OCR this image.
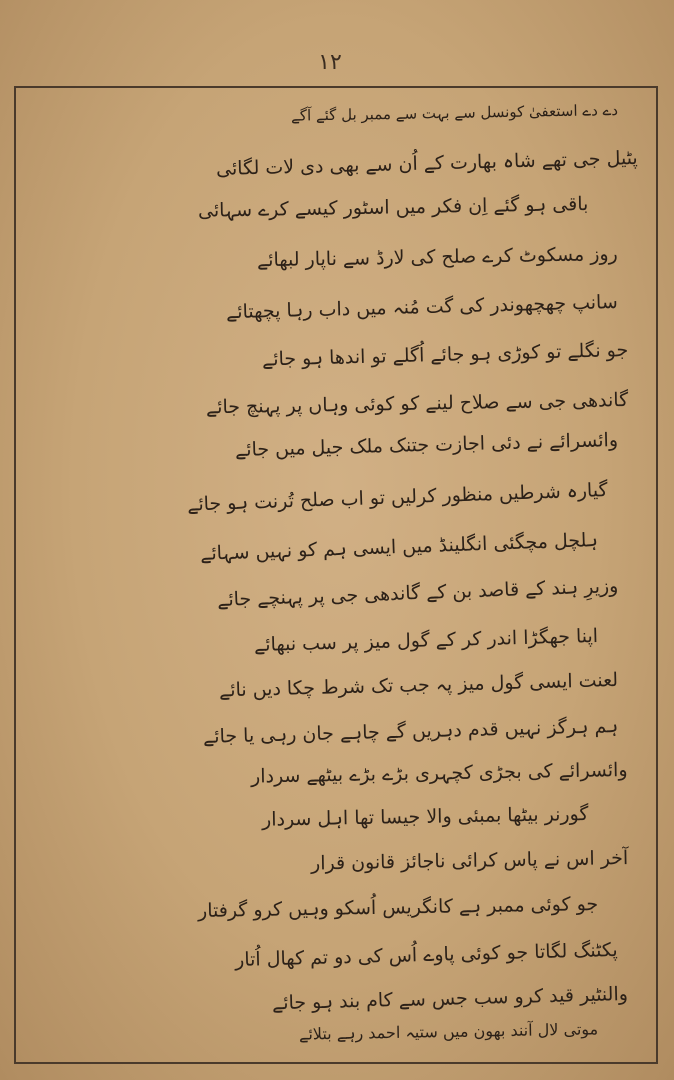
۱۲
دے دے استعفیٰ کونسل سے بہت سے ممبر بل گئے آگے
پٹیل جی تھے شاہ بھارت کے اُن سے بھی دی لات لگائی
باقی ہو گئے اِن فکر میں اسٹور کیسے کرے سہائی
روز مسکوٹ کرے صلح کی لارڈ سے ناپار لبھائے
سانپ چھچھوندر کی گت مُنہ میں داب رہا پچھتائے
جو نگلے تو کوڑی ہو جائے اُگلے تو اندھا ہو جائے
گاندھی جی سے صلاح لینے کو کوئی وہاں پر پہنچ جائے
وائسرائے نے دئی اجازت جتنک ملک جیل میں جائے
گیارہ شرطیں منظور کرلیں تو اب صلح تُرنت ہو جائے
ہلچل مچگئی انگلینڈ میں ایسی ہم کو نہیں سہائے
وزیرِ ہند کے قاصد بن کے گاندھی جی پر پہنچے جائے
اپنا جھگڑا اندر کر کے گول میز پر سب نبھائے
لعنت ایسی گول میز پہ جب تک شرط چکا دیں نائے
ہم ہرگز نہیں قدم دہریں گے چاہے جان رہی یا جائے
وائسرائے کی بجڑی کچہری بڑے بڑے بیٹھے سردار
گورنر بیٹھا بمبئی والا جیسا تھا اہل سردار
آخر اس نے پاس کرائی ناجائز قانون قرار
جو کوئی ممبر ہے کانگریس اُسکو وہیں کرو گرفتار
پکٹنگ لگاتا جو کوئی پاوے اُس کی دو تم کھال اُتار
والنٹیر قید کرو سب جس سے کام بند ہو جائے
موتی لال آنند بھون میں ستیہ احمد رہے بتلائے
